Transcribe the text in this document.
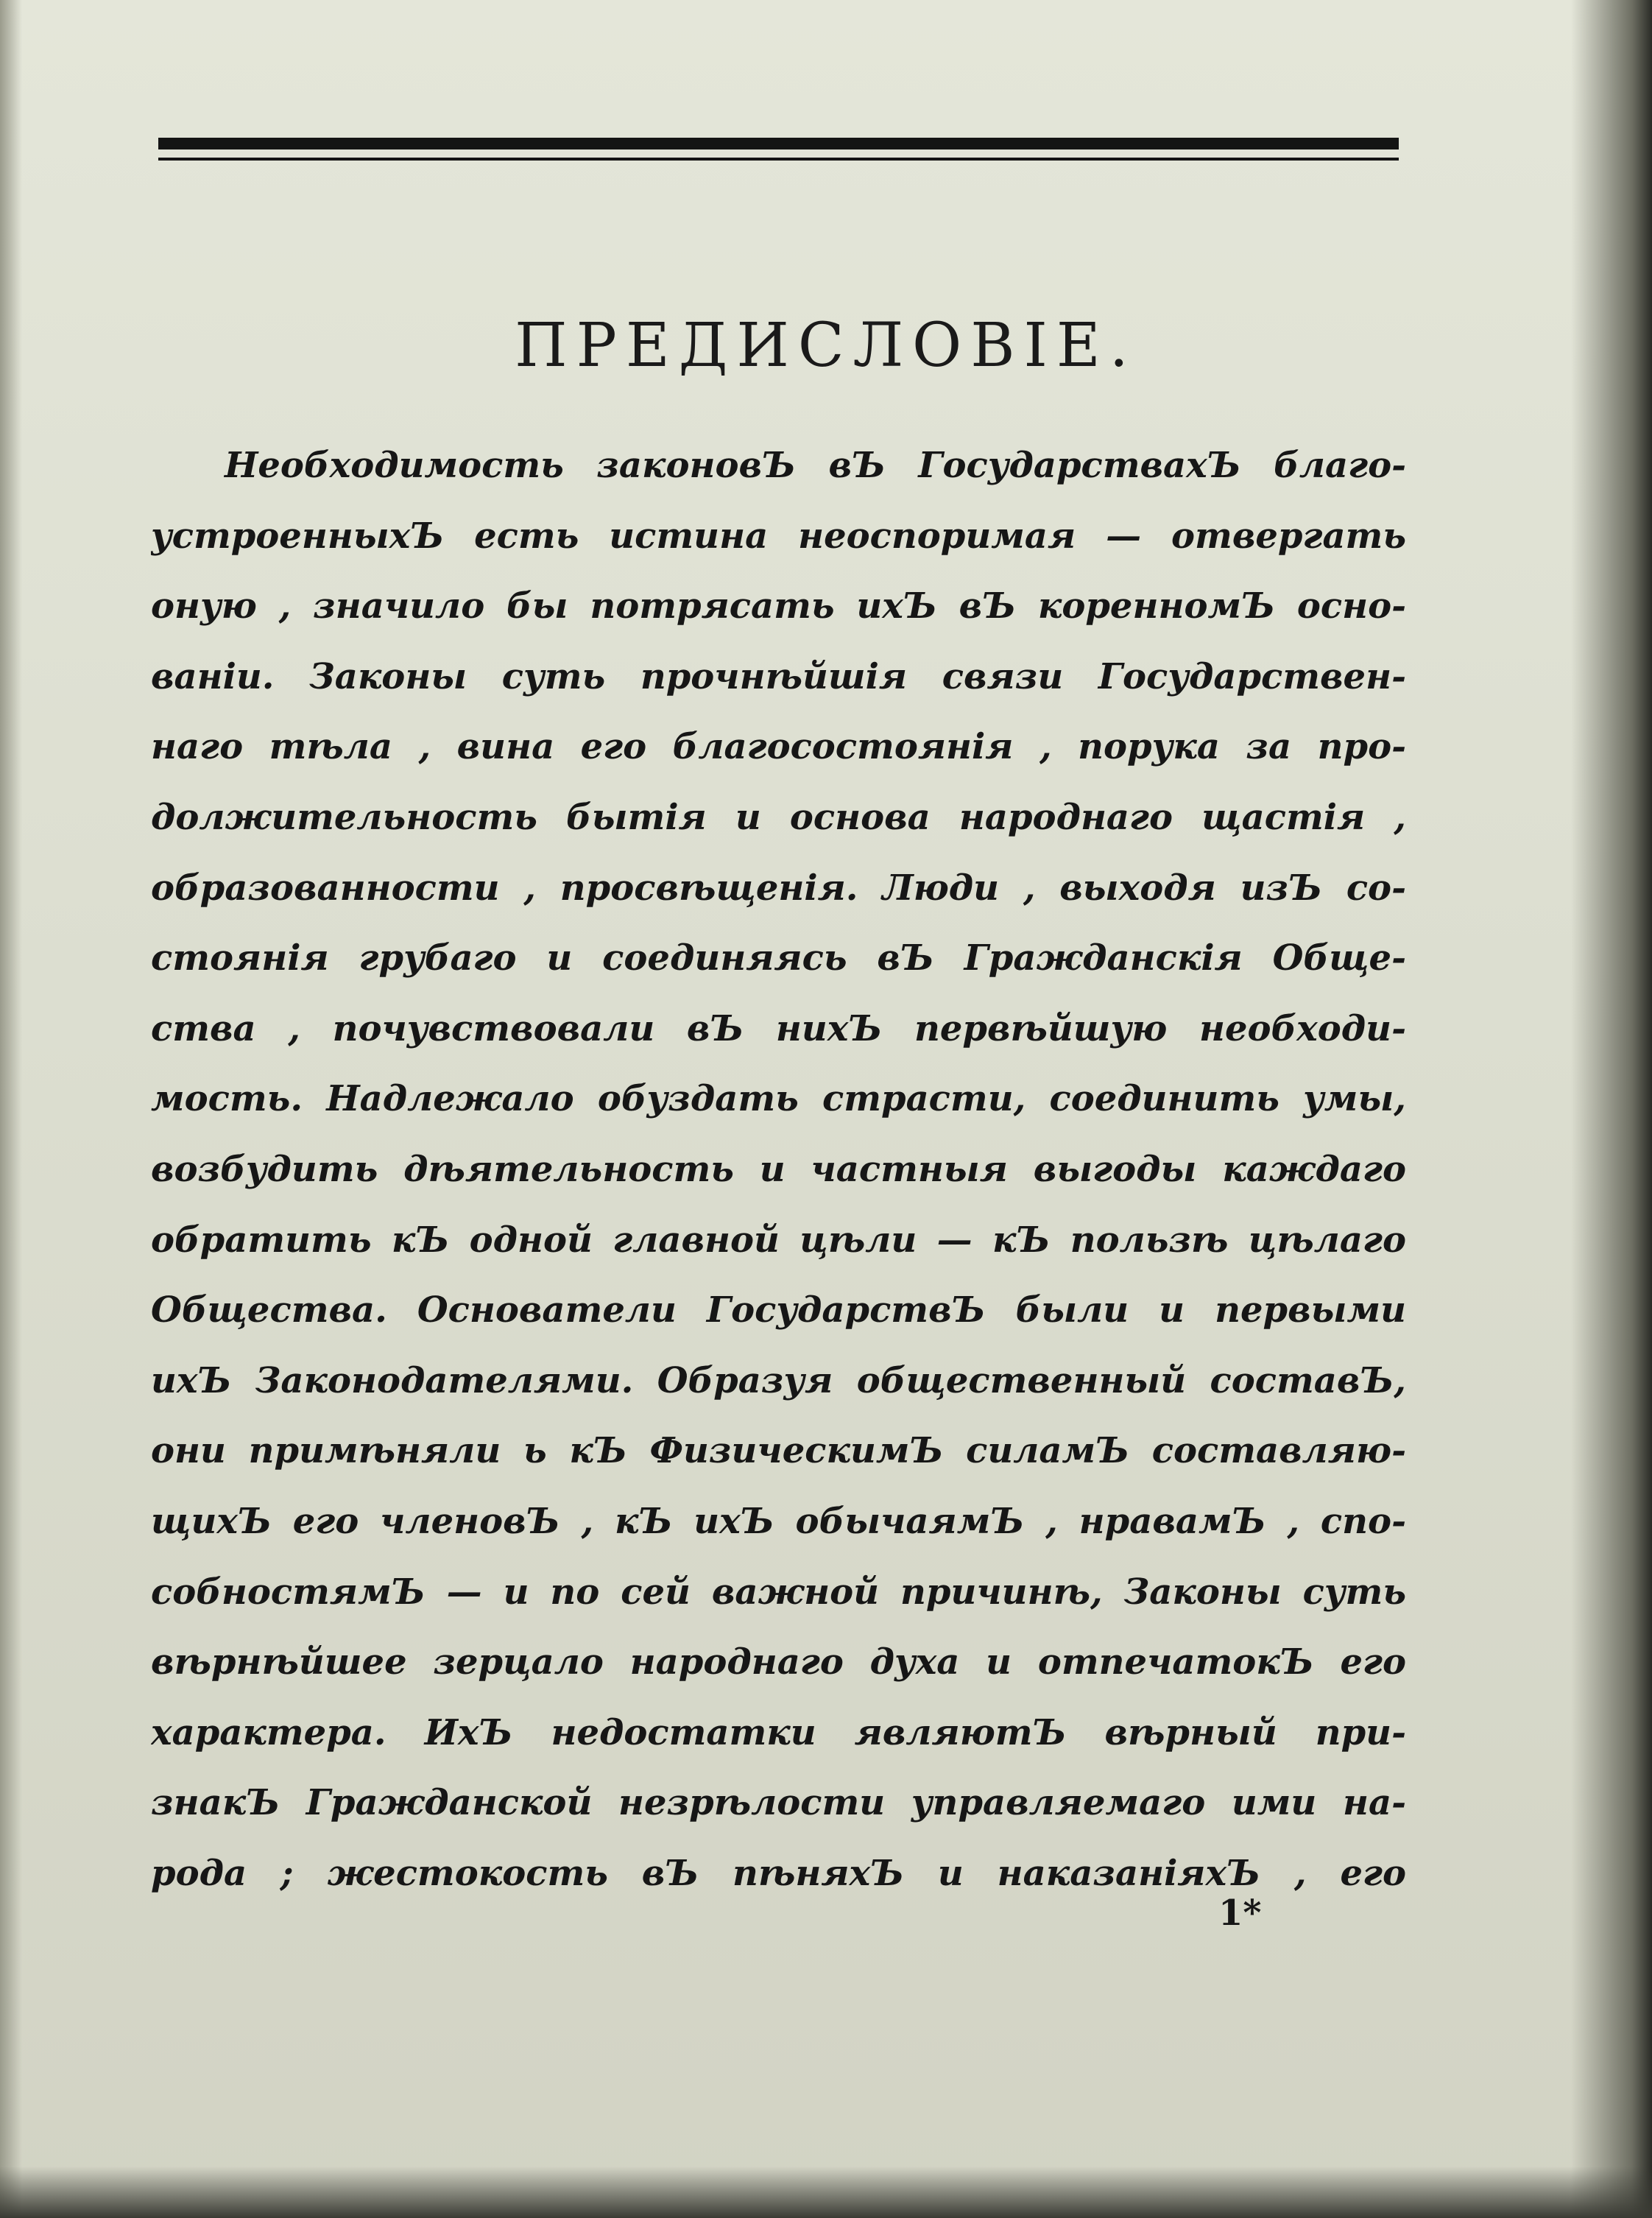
ПРЕДИСЛОВІЕ.
Необходимость законовЪ вЪ ГосударствахЪ благо-
устроенныхЪ есть истина неоспоримая — отвергать
оную , значило бы потрясать ихЪ вЪ коренномЪ осно-
ваніи. Законы суть прочнѣйшія связи Государствен-
наго тѣла , вина его благосостоянія , порука за про-
должительность бытія и основа народнаго щастія ,
образованности , просвѣщенія. Люди , выходя изЪ со-
стоянія грубаго и соединяясь вЪ Гражданскія Обще-
ства , почувствовали вЪ нихЪ первѣйшую необходи-
мость. Надлежало обуздать страсти, соединить умы,
возбудить дѣятельность и частныя выгоды каждаго
обратить кЪ одной главной цѣли — кЪ пользѣ цѣлаго
Общества. Основатели ГосударствЪ были и первыми
ихЪ Законодателями. Образуя общественный составЪ,
они примѣняли ь кЪ ФизическимЪ силамЪ составляю-
щихЪ его членовЪ , кЪ ихЪ обычаямЪ , нравамЪ , спо-
собностямЪ — и по сей важной причинѣ, Законы суть
вѣрнѣйшее зерцало народнаго духа и отпечатокЪ его
характера. ИхЪ недостатки являютЪ вѣрный при-
знакЪ Гражданской незрѣлости управляемаго ими на-
рода ; жестокость вЪ пѣняхЪ и наказаніяхЪ , его
1*
